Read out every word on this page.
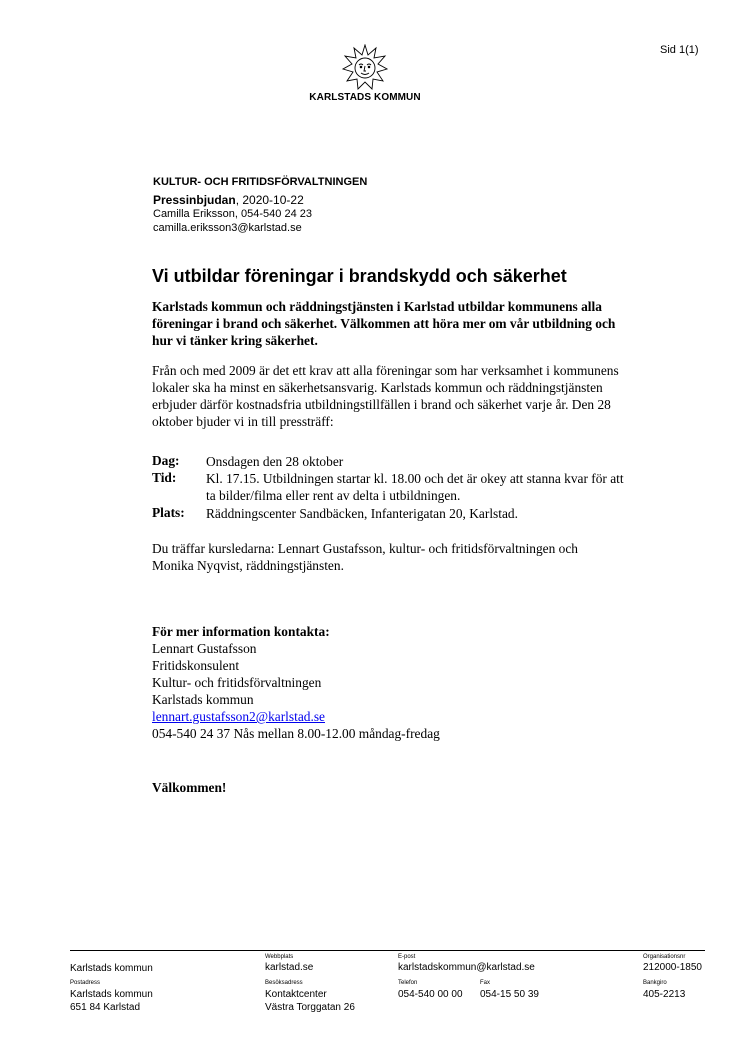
Sid 1(1)
KARLSTADS KOMMUN
KULTUR- OCH FRITIDSFÖRVALTNINGEN
Pressinbjudan, 2020-10-22
Camilla Eriksson, 054-540 24 23
camilla.eriksson3@karlstad.se
Vi utbildar föreningar i brandskydd och säkerhet
Karlstads kommun och räddningstjänsten i Karlstad utbildar kommunens alla föreningar i brand och säkerhet. Välkommen att höra mer om vår utbildning och hur vi tänker kring säkerhet.
Från och med 2009 är det ett krav att alla föreningar som har verksamhet i kommunens lokaler ska ha minst en säkerhetsansvarig. Karlstads kommun och räddningstjänsten erbjuder därför kostnadsfria utbildningstillfällen i brand och säkerhet varje år. Den 28 oktober bjuder vi in till pressträff:
Dag: Onsdagen den 28 oktober
Tid: Kl. 17.15. Utbildningen startar kl. 18.00 och det är okey att stanna kvar för att ta bilder/filma eller rent av delta i utbildningen.
Plats: Räddningscenter Sandbäcken, Infanterigatan 20, Karlstad.
Du träffar kursledarna: Lennart Gustafsson, kultur- och fritidsförvaltningen och Monika Nyqvist, räddningstjänsten.
För mer information kontakta:
Lennart Gustafsson
Fritidskonsulent
Kultur- och fritidsförvaltningen
Karlstads kommun
lennart.gustafsson2@karlstad.se
054-540 24 37 Nås mellan 8.00-12.00 måndag-fredag
Välkommen!
Karlstads kommun
Webbplats
karlstad.se
E-post
karlstadskommun@karlstad.se
Organisationsnr
212000-1850
Postadress
Karlstads kommun
651 84 Karlstad
Besöksadress
Kontaktcenter
Västra Torggatan 26
Telefon
054-540 00 00
Fax
054-15 50 39
Bankgiro
405-2213
